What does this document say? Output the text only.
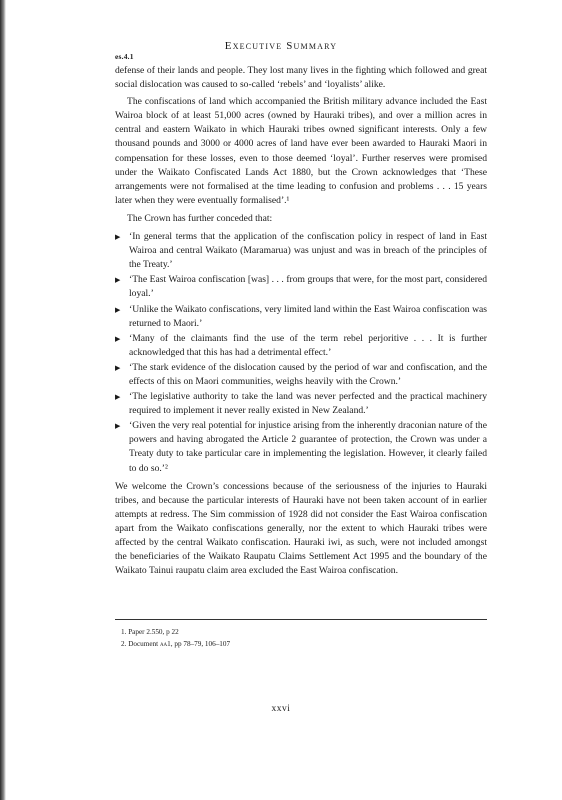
Executive Summary
es.4.1

defense of their lands and people. They lost many lives in the fighting which followed and great social dislocation was caused to so-called ‘rebels’ and ‘loyalists’ alike.

The confiscations of land which accompanied the British military advance included the East Wairoa block of at least 51,000 acres (owned by Hauraki tribes), and over a million acres in central and eastern Waikato in which Hauraki tribes owned significant interests. Only a few thousand pounds and 3000 or 4000 acres of land have ever been awarded to Hauraki Maori in compensation for these losses, even to those deemed ‘loyal’. Further reserves were promised under the Waikato Confiscated Lands Act 1880, but the Crown acknowledges that ‘These arrangements were not formalised at the time leading to confusion and problems . . . 15 years later when they were eventually formalised’.¹

The Crown has further conceded that:

▶ ‘In general terms that the application of the confiscation policy in respect of land in East Wairoa and central Waikato (Maramarua) was unjust and was in breach of the principles of the Treaty.’
▶ ‘The East Wairoa confiscation [was] . . . from groups that were, for the most part, considered loyal.’
▶ ‘Unlike the Waikato confiscations, very limited land within the East Wairoa confiscation was returned to Maori.’
▶ ‘Many of the claimants find the use of the term rebel perjoritive . . . It is further acknowledged that this has had a detrimental effect.’
▶ ‘The stark evidence of the dislocation caused by the period of war and confiscation, and the effects of this on Maori communities, weighs heavily with the Crown.’
▶ ‘The legislative authority to take the land was never perfected and the practical machinery required to implement it never really existed in New Zealand.’
▶ ‘Given the very real potential for injustice arising from the inherently draconian nature of the powers and having abrogated the Article 2 guarantee of protection, the Crown was under a Treaty duty to take particular care in implementing the legislation. However, it clearly failed to do so.’²

We welcome the Crown’s concessions because of the seriousness of the injuries to Hauraki tribes, and because the particular interests of Hauraki have not been taken account of in earlier attempts at redress. The Sim commission of 1928 did not consider the East Wairoa confiscation apart from the Waikato confiscations generally, nor the extent to which Hauraki tribes were affected by the central Waikato confiscation. Hauraki iwi, as such, were not included amongst the beneficiaries of the Waikato Raupatu Claims Settlement Act 1995 and the boundary of the Waikato Tainui raupatu claim area excluded the East Wairoa confiscation.

1. Paper 2.550, p 22
2. Document aa1, pp 78–79, 106–107
xxvi
